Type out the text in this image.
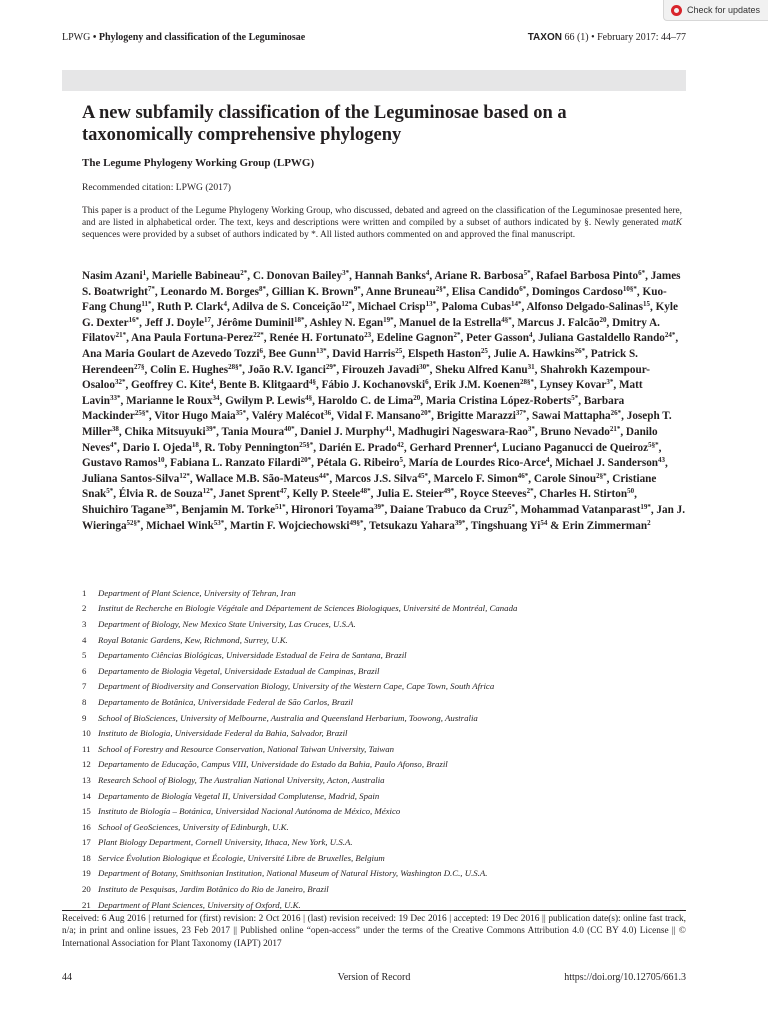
Check for updates
LPWG • Phylogeny and classification of the Leguminosae	TAXON 66 (1) • February 2017: 44–77
A new subfamily classification of the Leguminosae based on a taxonomically comprehensive phylogeny
The Legume Phylogeny Working Group (LPWG)
Recommended citation: LPWG (2017)

This paper is a product of the Legume Phylogeny Working Group, who discussed, debated and agreed on the classification of the Leguminosae presented here, and are listed in alphabetical order. The text, keys and descriptions were written and compiled by a subset of authors indicated by §. Newly generated matK sequences were provided by a subset of authors indicated by *. All listed authors commented on and approved the final manuscript.

Nasim Azani$^1$, Marielle Babineau$^{2*}$, C. Donovan Bailey$^{3*}$, Hannah Banks$^4$, Ariane R. Barbosa$^{5*}$, Rafael Barbosa Pinto$^{6*}$, James S. Boatwright$^{7*}$, Leonardo M. Borges$^{8*}$, Gillian K. Brown$^{9*}$, Anne Bruneau$^{2\S*}$, Elisa Candido$^{6*}$, Domingos Cardoso$^{10\S*}$, Kuo-Fang Chung$^{11*}$, Ruth P. Clark$^4$, Adilva de S. Conceição$^{12*}$, Michael Crisp$^{13*}$, Paloma Cubas$^{14*}$, Alfonso Delgado-Salinas$^{15}$, Kyle G. Dexter$^{16*}$, Jeff J. Doyle$^{17}$, Jérôme Duminil$^{18*}$, Ashley N. Egan$^{19*}$, Manuel de la Estrella$^{4\S*}$, Marcus J. Falcão$^{20}$, Dmitry A. Filatov$^{21*}$, Ana Paula Fortuna-Perez$^{22*}$, Renée H. Fortunato$^{23}$, Edeline Gagnon$^{2*}$, Peter Gasson$^4$, Juliana Gastaldello Rando$^{24*}$, Ana Maria Goulart de Azevedo Tozzi$^6$, Bee Gunn$^{13*}$, David Harris$^{25}$, Elspeth Haston$^{25}$, Julie A. Hawkins$^{26*}$, Patrick S. Herendeen$^{27\S}$, Colin E. Hughes$^{28\S*}$, João R.V. Iganci$^{29*}$, Firouzeh Javadi$^{30*}$, Sheku Alfred Kanu$^{31}$, Shahrokh Kazempour-Osaloo$^{32*}$, Geoffrey C. Kite$^4$, Bente B. Klitgaard$^{4\S}$, Fábio J. Kochanovski$^6$, Erik J.M. Koenen$^{28\S*}$, Lynsey Kovar$^{3*}$, Matt Lavin$^{33*}$, Marianne le Roux$^{34}$, Gwilym P. Lewis$^{4\S}$, Haroldo C. de Lima$^{20}$, Maria Cristina López-Roberts$^{5*}$, Barbara Mackinder$^{25\S*}$, Vitor Hugo Maia$^{35*}$, Valéry Malécot$^{36}$, Vidal F. Mansano$^{20*}$, Brigitte Marazzi$^{37*}$, Sawai Mattapha$^{26*}$, Joseph T. Miller$^{38}$, Chika Mitsuyuki$^{39*}$, Tania Moura$^{40*}$, Daniel J. Murphy$^{41}$, Madhugiri Nageswara-Rao$^{3*}$, Bruno Nevado$^{21*}$, Danilo Neves$^{4*}$, Dario I. Ojeda$^{18}$, R. Toby Pennington$^{25\S*}$, Darién E. Prado$^{42}$, Gerhard Prenner$^4$, Luciano Paganucci de Queiroz$^{5\S*}$, Gustavo Ramos$^{10}$, Fabiana L. Ranzato Filardi$^{20*}$, Pétala G. Ribeiro$^5$, María de Lourdes Rico-Arce$^4$, Michael J. Sanderson$^{43}$, Juliana Santos-Silva$^{12*}$, Wallace M.B. São-Mateus$^{44*}$, Marcos J.S. Silva$^{45*}$, Marcelo F. Simon$^{46*}$, Carole Sinou$^{2\S*}$, Cristiane Snak$^{5*}$, Élvia R. de Souza$^{12*}$, Janet Sprent$^{47}$, Kelly P. Steele$^{48*}$, Julia E. Steier$^{49*}$, Royce Steeves$^{2*}$, Charles H. Stirton$^{50}$, Shuichiro Tagane$^{39*}$, Benjamin M. Torke$^{51*}$, Hironori Toyama$^{39*}$, Daiane Trabuco da Cruz$^{5*}$, Mohammad Vatanparast$^{19*}$, Jan J. Wieringa$^{52\S*}$, Michael Wink$^{53*}$, Martin F. Wojciechowski$^{49\S*}$, Tetsukazu Yahara$^{39*}$, Tingshuang Yi$^{54}$ & Erin Zimmerman$^2$

1	Department of Plant Science, University of Tehran, Iran
2	Institut de Recherche en Biologie Végétale and Département de Sciences Biologiques, Université de Montréal, Canada
3	Department of Biology, New Mexico State University, Las Cruces, U.S.A.
4	Royal Botanic Gardens, Kew, Richmond, Surrey, U.K.
5	Departamento Ciências Biológicas, Universidade Estadual de Feira de Santana, Brazil
6	Departamento de Biologia Vegetal, Universidade Estadual de Campinas, Brazil
7	Department of Biodiversity and Conservation Biology, University of the Western Cape, Cape Town, South Africa
8	Departamento de Botânica, Universidade Federal de São Carlos, Brazil
9	School of BioSciences, University of Melbourne, Australia and Queensland Herbarium, Toowong, Australia
10 Instituto de Biologia, Universidade Federal da Bahia, Salvador, Brazil
11 School of Forestry and Resource Conservation, National Taiwan University, Taiwan
12 Departamento de Educação, Campus VIII, Universidade do Estado da Bahia, Paulo Afonso, Brazil
13 Research School of Biology, The Australian National University, Acton, Australia
14 Departamento de Biología Vegetal II, Universidad Complutense, Madrid, Spain
15 Instituto de Biología – Botánica, Universidad Nacional Autónoma de México, México
16 School of GeoSciences, University of Edinburgh, U.K.
17 Plant Biology Department, Cornell University, Ithaca, New York, U.S.A.
18 Service Évolution Biologique et Écologie, Université Libre de Bruxelles, Belgium
19 Department of Botany, Smithsonian Institution, National Museum of Natural History, Washington D.C., U.S.A.
20 Instituto de Pesquisas, Jardim Botânico do Rio de Janeiro, Brazil
21 Department of Plant Sciences, University of Oxford, U.K.

Received: 6 Aug 2016 | returned for (first) revision: 2 Oct 2016 | (last) revision received: 19 Dec 2016 | accepted: 19 Dec 2016 || publication date(s): online fast track, n/a; in print and online issues, 23 Feb 2017 || Published online “open-access” under the terms of the Creative Commons Attribution 4.0 (CC BY 4.0) License || © International Association for Plant Taxonomy (IAPT) 2017

44	Version of Record	https://doi.org/10.12705/661.3
